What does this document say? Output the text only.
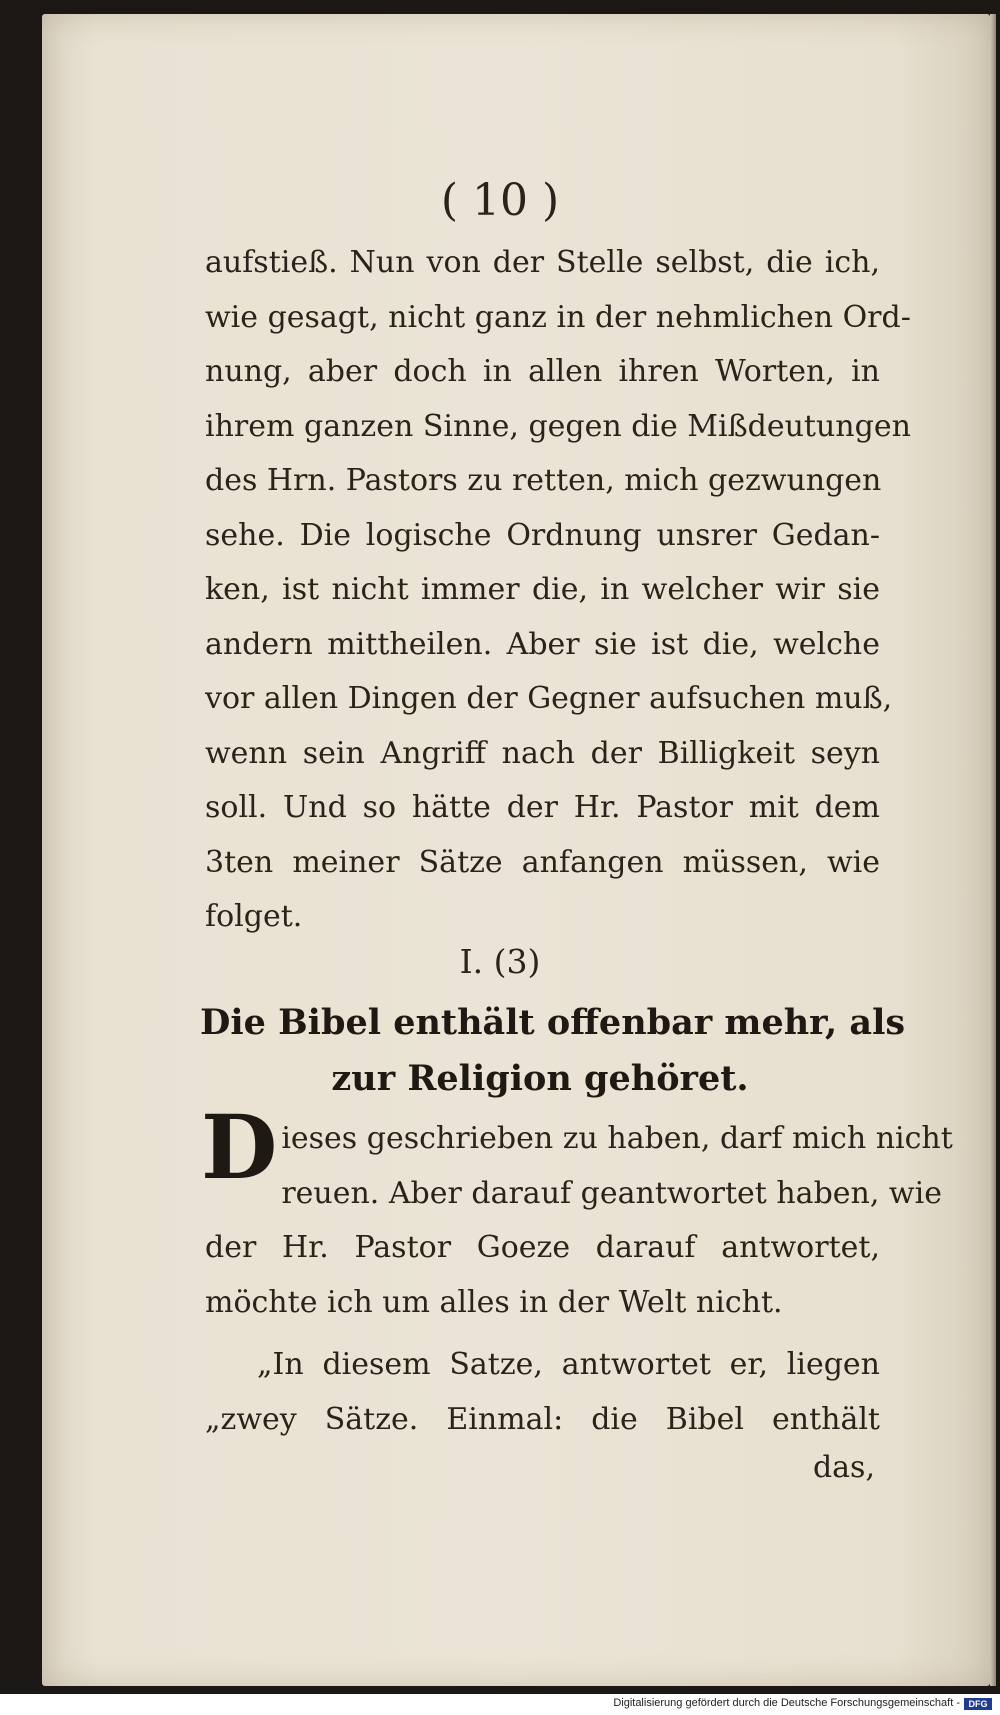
( 10 )
aufstieß. Nun von der Stelle selbst, die ich,
wie gesagt, nicht ganz in der nehmlichen Ord-
nung, aber doch in allen ihren Worten, in
ihrem ganzen Sinne, gegen die Mißdeutungen
des Hrn. Pastors zu retten, mich gezwungen
sehe. Die logische Ordnung unsrer Gedan-
ken, ist nicht immer die, in welcher wir sie
andern mittheilen. Aber sie ist die, welche
vor allen Dingen der Gegner aufsuchen muß,
wenn sein Angriff nach der Billigkeit seyn
soll. Und so hätte der Hr. Pastor mit dem
3ten meiner Sätze anfangen müssen, wie
folget.
I. (3)
Die Bibel enthält offenbar mehr, als
zur Religion gehöret.
D ieses geschrieben zu haben, darf mich nicht
reuen. Aber darauf geantwortet haben, wie
der Hr. Pastor Goeze darauf antwortet,
möchte ich um alles in der Welt nicht.
„In diesem Satze, antwortet er, liegen
„zwey Sätze. Einmal: die Bibel enthält
das,
Digitalisierung gefördert durch die Deutsche Forschungsgemeinschaft - DFG
